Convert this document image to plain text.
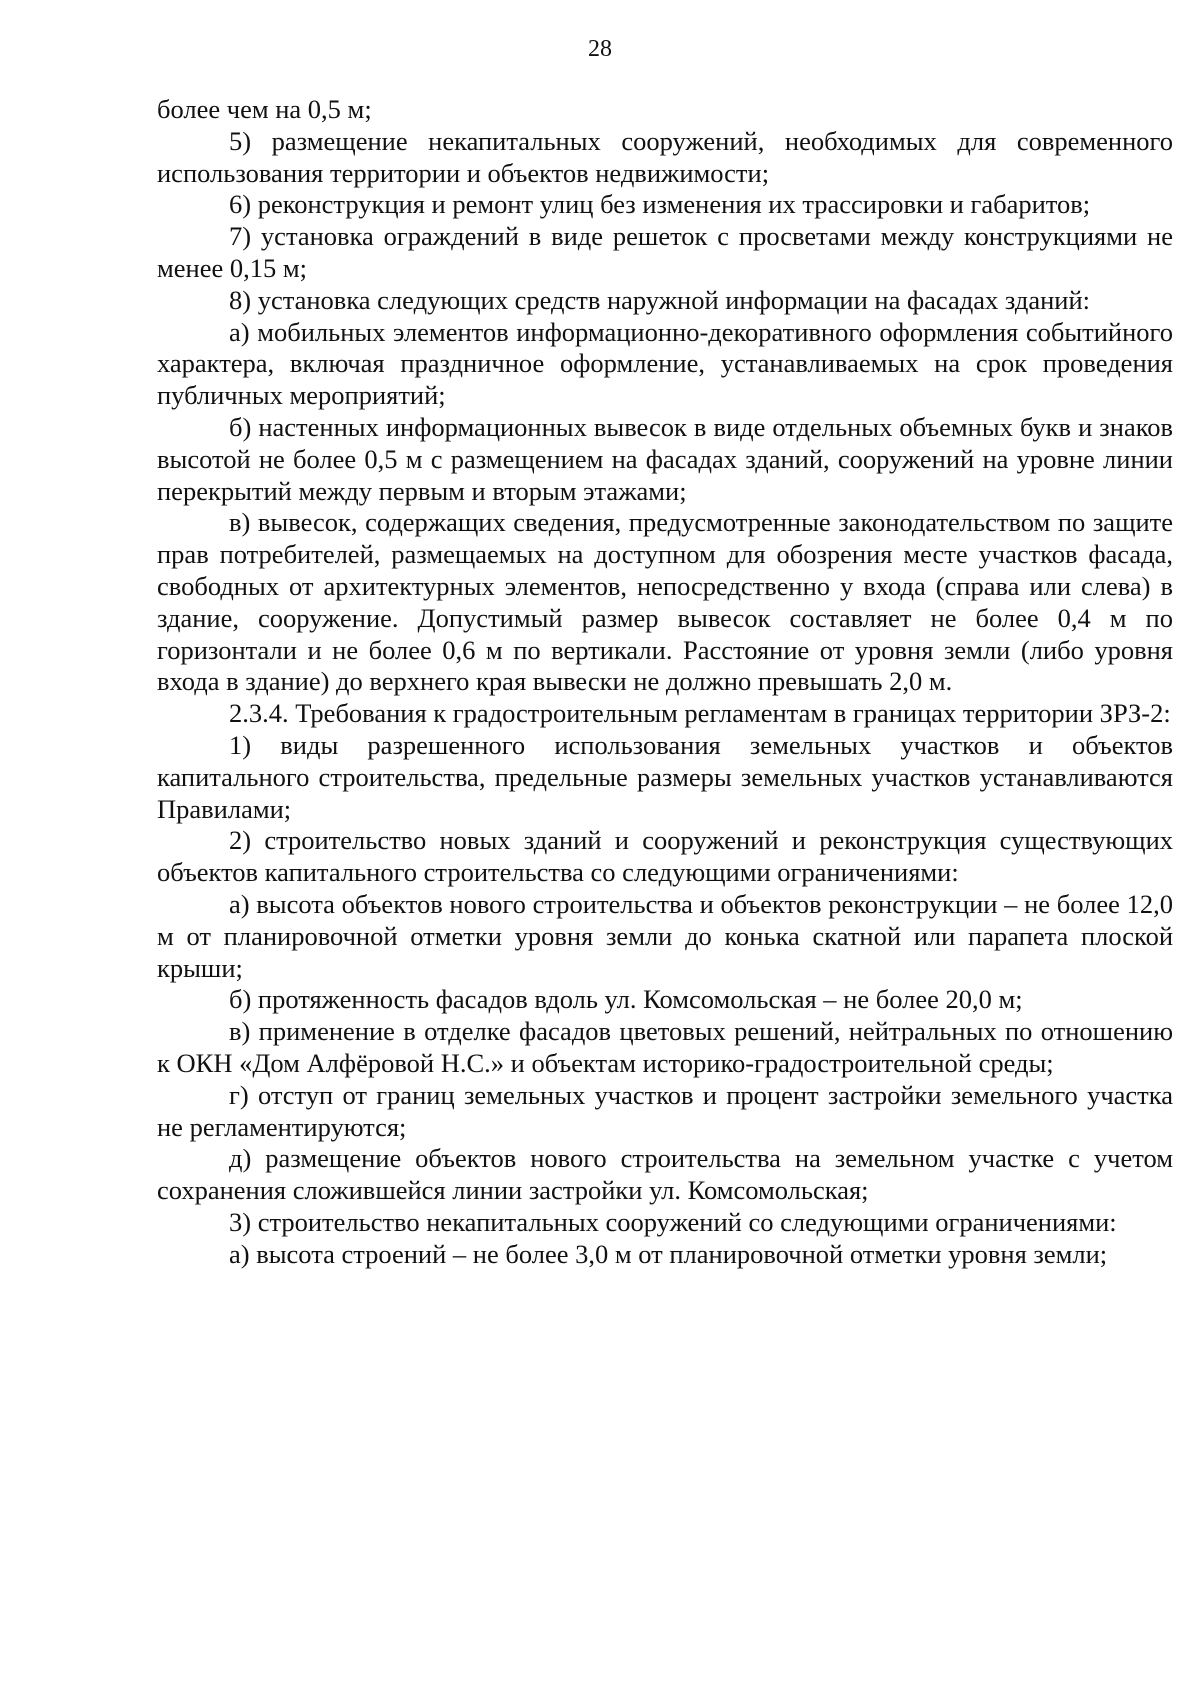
28

более чем на 0,5 м;

5) размещение некапитальных сооружений, необходимых для современного использования территории и объектов недвижимости;

6) реконструкция и ремонт улиц без изменения их трассировки и габаритов;

7) установка ограждений в виде решеток с просветами между конструкциями не менее 0,15 м;

8) установка следующих средств наружной информации на фасадах зданий:

а) мобильных элементов информационно-декоративного оформления событийного характера, включая праздничное оформление, устанавливаемых на срок проведения публичных мероприятий;

б) настенных информационных вывесок в виде отдельных объемных букв и знаков высотой не более 0,5 м с размещением на фасадах зданий, сооружений на уровне линии перекрытий между первым и вторым этажами;

в) вывесок, содержащих сведения, предусмотренные законодательством по защите прав потребителей, размещаемых на доступном для обозрения месте участков фасада, свободных от архитектурных элементов, непосредственно у входа (справа или слева) в здание, сооружение. Допустимый размер вывесок составляет не более 0,4 м по горизонтали и не более 0,6 м по вертикали. Расстояние от уровня земли (либо уровня входа в здание) до верхнего края вывески не должно превышать 2,0 м.

2.3.4. Требования к градостроительным регламентам в границах территории ЗРЗ-2:

1) виды разрешенного использования земельных участков и объектов капитального строительства, предельные размеры земельных участков устанавливаются Правилами;

2) строительство новых зданий и сооружений и реконструкция существующих объектов капитального строительства со следующими ограничениями:

а) высота объектов нового строительства и объектов реконструкции – не более 12,0 м от планировочной отметки уровня земли до конька скатной или парапета плоской крыши;

б) протяженность фасадов вдоль ул. Комсомольская – не более 20,0 м;

в) применение в отделке фасадов цветовых решений, нейтральных по отношению к ОКН «Дом Алфёровой Н.С.» и объектам историко-градостроительной среды;

г) отступ от границ земельных участков и процент застройки земельного участка не регламентируются;

д) размещение объектов нового строительства на земельном участке с учетом сохранения сложившейся линии застройки ул. Комсомольская;

3) строительство некапитальных сооружений со следующими ограничениями:

а) высота строений – не более 3,0 м от планировочной отметки уровня земли;
